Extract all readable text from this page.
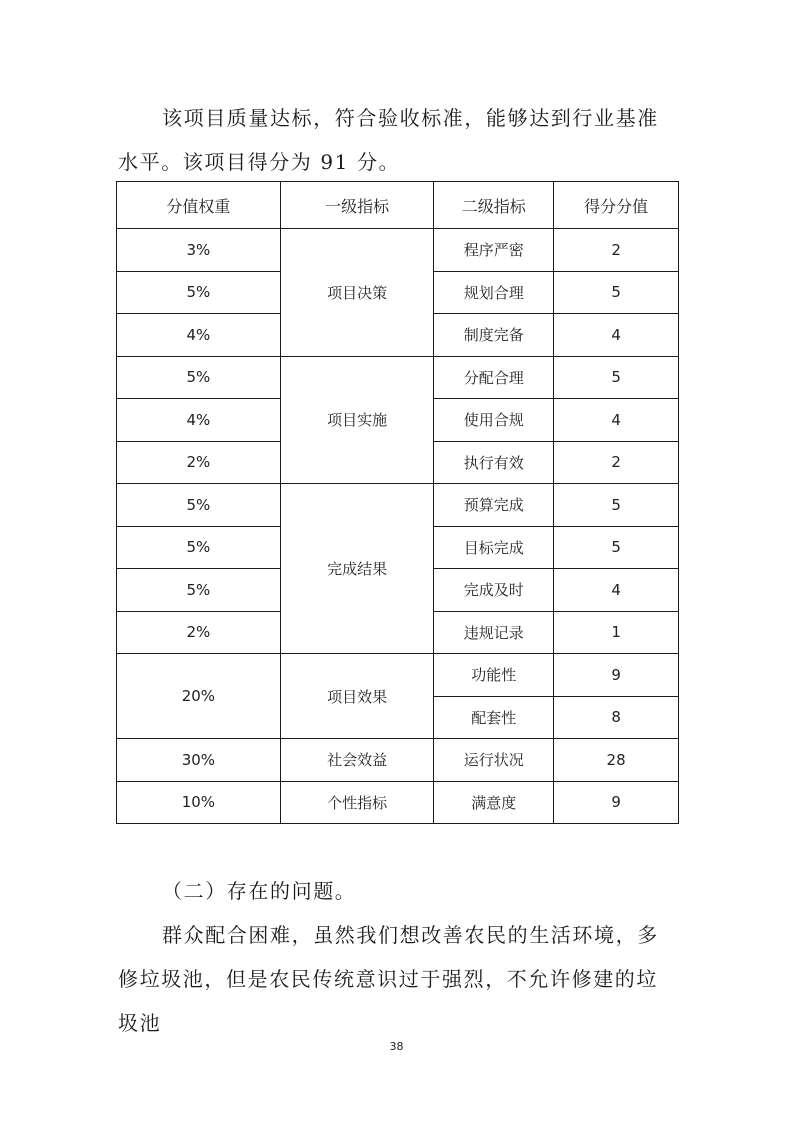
该项目质量达标，符合验收标准，能够达到行业基准水平。该项目得分为 91 分。

分值权重	一级指标	二级指标	得分分值
3%	项目决策	程序严密	2
5%		规划合理	5
4%		制度完备	4
5%	项目实施	分配合理	5
4%		使用合规	4
2%		执行有效	2
5%	完成结果	预算完成	5
5%		目标完成	5
5%		完成及时	4
2%		违规记录	1
20%	项目效果	功能性	9
		配套性	8
30%	社会效益	运行状况	28
10%	个性指标	满意度	9

（二）存在的问题。

群众配合困难，虽然我们想改善农民的生活环境，多修垃圾池，但是农民传统意识过于强烈，不允许修建的垃圾池

38
